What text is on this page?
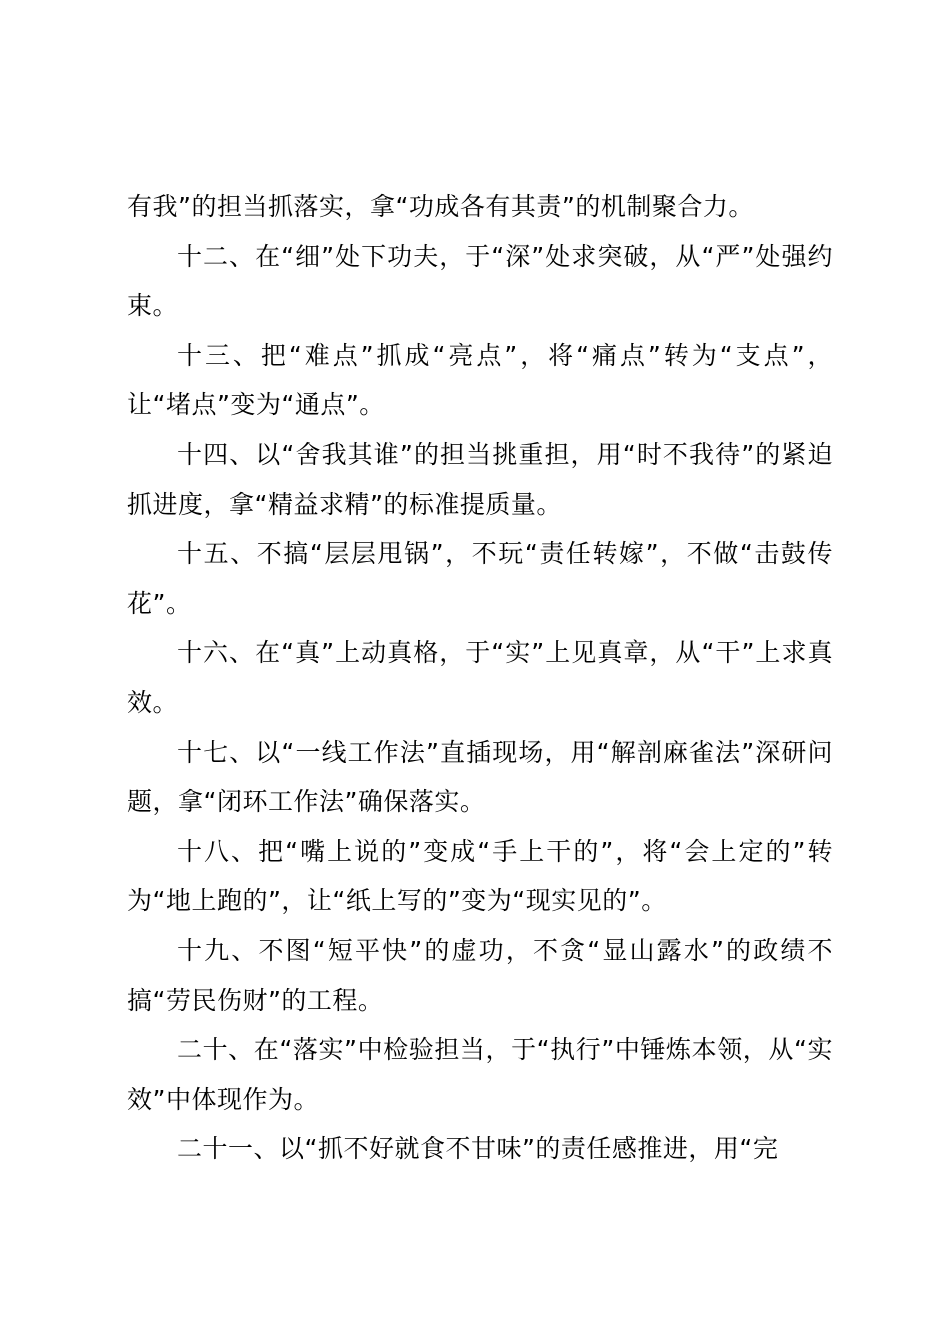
有我”的担当抓落实，拿“功成各有其责”的机制聚合力。

十二、在“细”处下功夫，于“深”处求突破，从“严”处强约束。

十三、把“难点”抓成“亮点”，将“痛点”转为“支点”，让“堵点”变为“通点”。

十四、以“舍我其谁”的担当挑重担，用“时不我待”的紧迫抓进度，拿“精益求精”的标准提质量。

十五、不搞“层层甩锅”，不玩“责任转嫁”，不做“击鼓传花”。

十六、在“真”上动真格，于“实”上见真章，从“干”上求真效。

十七、以“一线工作法”直插现场，用“解剖麻雀法”深研问题，拿“闭环工作法”确保落实。

十八、把“嘴上说的”变成“手上干的”，将“会上定的”转为“地上跑的”，让“纸上写的”变为“现实见的”。

十九、不图“短平快”的虚功，不贪“显山露水”的政绩不搞“劳民伤财”的工程。

二十、在“落实”中检验担当，于“执行”中锤炼本领，从“实效”中体现作为。

二十一、以“抓不好就食不甘味”的责任感推进，用“完
